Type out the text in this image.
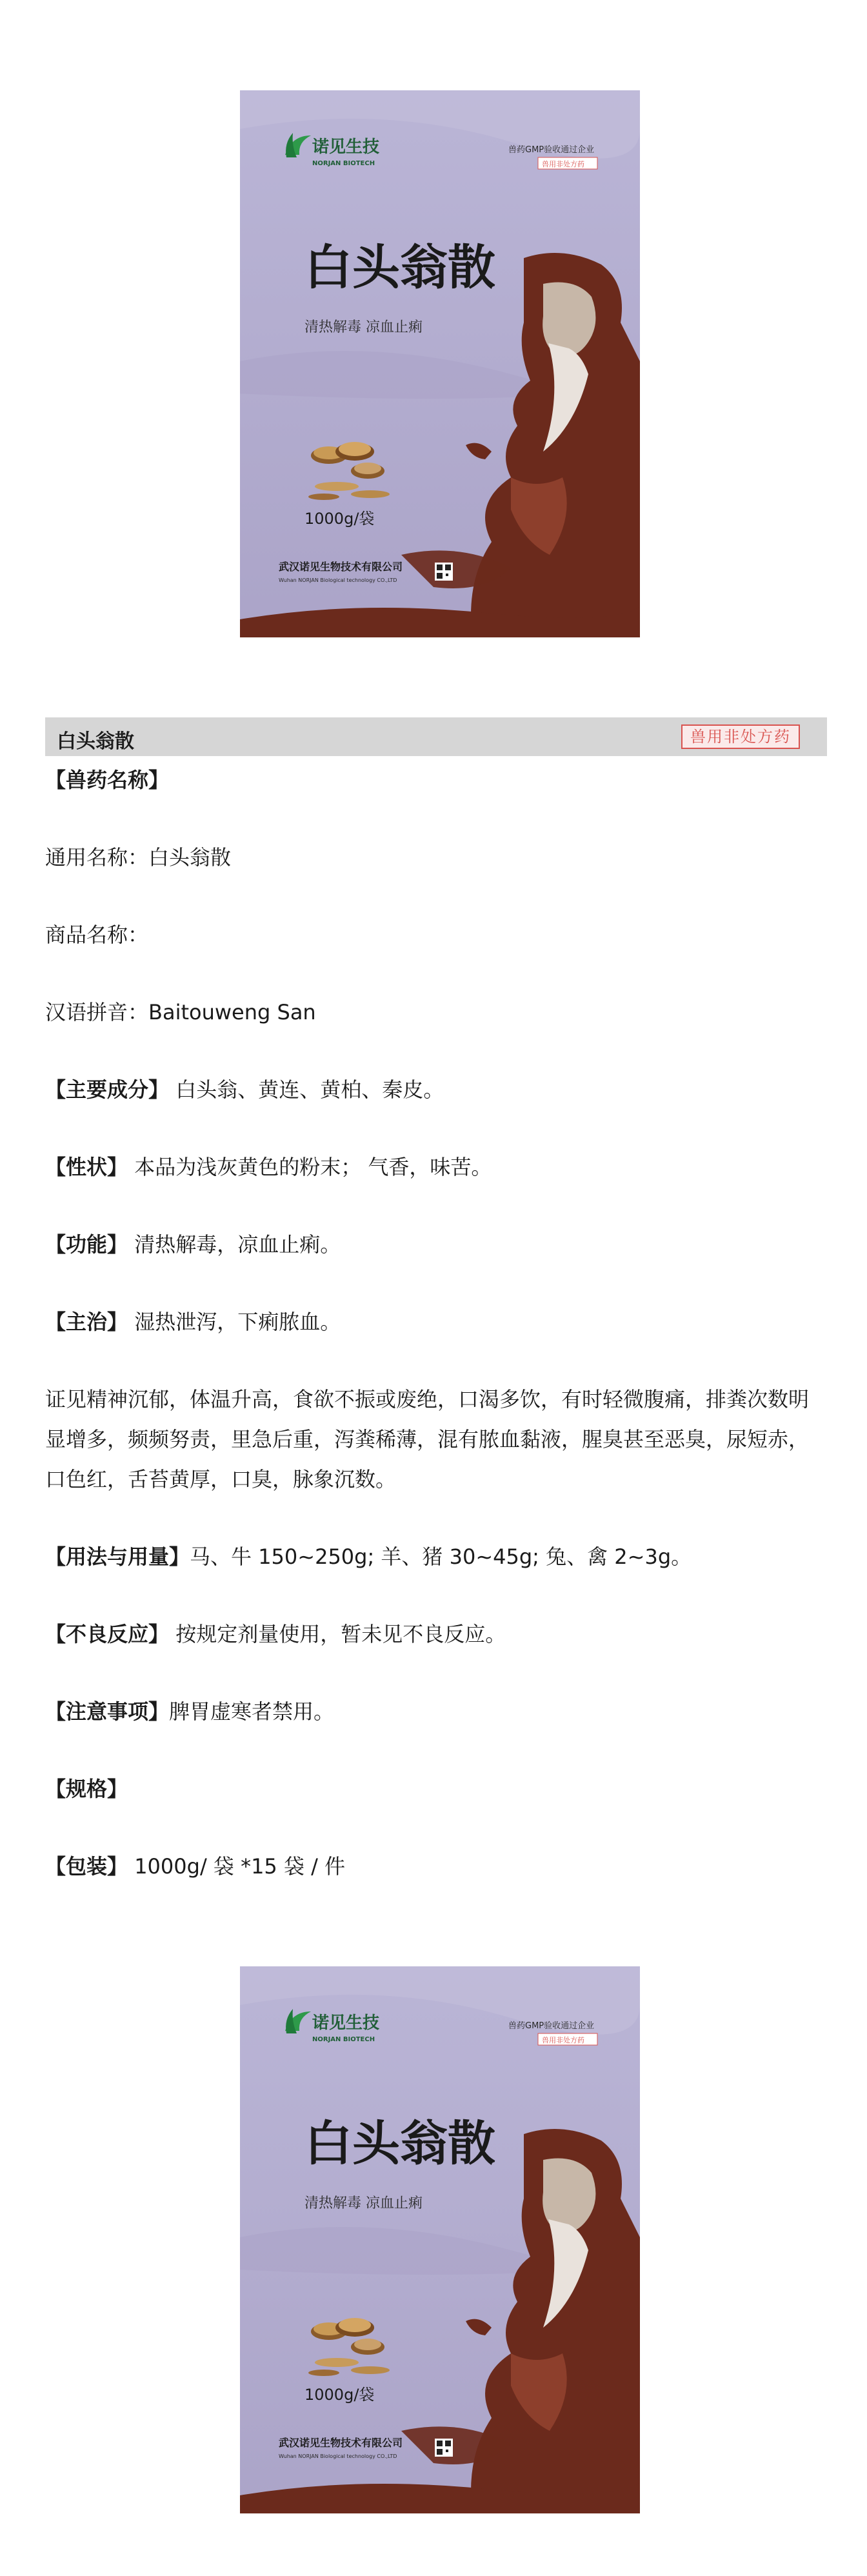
诺见生技
NORJAN BIOTECH
兽药GMP验收通过企业
兽用非处方药
白头翁散
清热解毒 凉血止痢
1000g/袋
武汉诺见生物技术有限公司
Wuhan NORJAN Biological technology CO.,LTD
白头翁散	兽用非处方药

【兽药名称】

通用名称：白头翁散

商品名称：

汉语拼音：Baitouweng San

【主要成分】 白头翁、黄连、黄柏、秦皮。

【性状】 本品为浅灰黄色的粉末； 气香，味苦。

【功能】 清热解毒，凉血止痢。

【主治】 湿热泄泻，下痢脓血。

证见精神沉郁，体温升高，食欲不振或废绝，口渴多饮，有时轻微腹痛，排粪次数明显增多，频频努责，里急后重，泻粪稀薄，混有脓血黏液，腥臭甚至恶臭，尿短赤，口色红，舌苔黄厚，口臭，脉象沉数。

【用法与用量】马、牛 150~250g; 羊、猪 30~45g; 兔、禽 2~3g。

【不良反应】 按规定剂量使用，暂未见不良反应。

【注意事项】脾胃虚寒者禁用。

【规格】

【包装】 1000g/ 袋 *15 袋 / 件

诺见生技
NORJAN BIOTECH
兽药GMP验收通过企业
兽用非处方药
白头翁散
清热解毒 凉血止痢
1000g/袋
武汉诺见生物技术有限公司
Wuhan NORJAN Biological technology CO.,LTD
